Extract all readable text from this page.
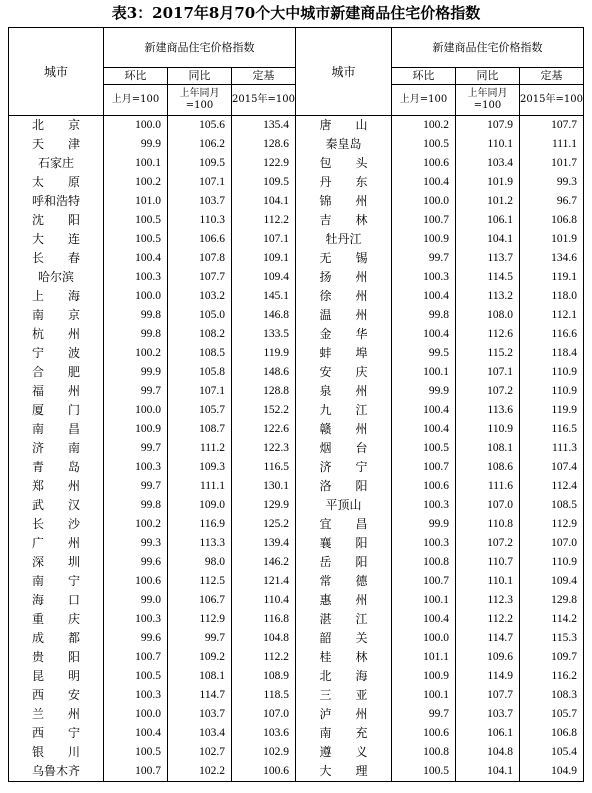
表3：2017年8月70个大中城市新建商品住宅价格指数
城市	新建商品住宅价格指数			城市	新建商品住宅价格指数		
	环比	同比	定基		环比	同比	定基
	上月=100	上年同月=100	2015年=100		上月=100	上年同月=100	2015年=100
北　　京	100.0	105.6	135.4	唐　　山	100.2	107.9	107.7
天　　津	99.9	106.2	128.6	秦皇岛	100.5	110.1	111.1
石家庄	100.1	109.5	122.9	包　　头	100.6	103.4	101.7
太　　原	100.2	107.1	109.5	丹　　东	100.4	101.9	99.3
呼和浩特	101.0	103.7	104.1	锦　　州	100.0	101.2	96.7
沈　　阳	100.5	110.3	112.2	吉　　林	100.7	106.1	106.8
大　　连	100.5	106.6	107.1	牡丹江	100.9	104.1	101.9
长　　春	100.4	107.8	109.1	无　　锡	99.7	113.7	134.6
哈尔滨	100.3	107.7	109.4	扬　　州	100.3	114.5	119.1
上　　海	100.0	103.2	145.1	徐　　州	100.4	113.2	118.0
南　　京	99.8	105.0	146.8	温　　州	99.8	108.0	112.1
杭　　州	99.8	108.2	133.5	金　　华	100.4	112.6	116.6
宁　　波	100.2	108.5	119.9	蚌　　埠	99.5	115.2	118.4
合　　肥	99.9	105.8	148.6	安　　庆	100.1	107.1	110.9
福　　州	99.7	107.1	128.8	泉　　州	99.9	107.2	110.9
厦　　门	100.0	105.7	152.2	九　　江	100.4	113.6	119.9
南　　昌	100.9	108.7	122.6	赣　　州	100.4	110.9	116.5
济　　南	99.7	111.2	122.3	烟　　台	100.5	108.1	111.3
青　　岛	100.3	109.3	116.5	济　　宁	100.7	108.6	107.4
郑　　州	99.7	111.1	130.1	洛　　阳	100.6	111.6	112.4
武　　汉	99.8	109.0	129.9	平顶山	100.3	107.0	108.5
长　　沙	100.2	116.9	125.2	宜　　昌	99.9	110.8	112.9
广　　州	99.3	113.3	139.4	襄　　阳	100.3	107.2	107.0
深　　圳	99.6	98.0	146.2	岳　　阳	100.8	110.7	110.9
南　　宁	100.6	112.5	121.4	常　　德	100.7	110.1	109.4
海　　口	99.0	106.7	110.4	惠　　州	100.1	112.3	129.8
重　　庆	100.3	112.9	116.8	湛　　江	100.4	112.2	114.2
成　　都	99.6	99.7	104.8	韶　　关	100.0	114.7	115.3
贵　　阳	100.7	109.2	112.2	桂　　林	101.1	109.6	109.7
昆　　明	100.5	108.1	108.9	北　　海	100.9	114.9	116.2
西　　安	100.3	114.7	118.5	三　　亚	100.1	107.7	108.3
兰　　州	100.0	103.7	107.0	泸　　州	99.7	103.7	105.7
西　　宁	100.4	103.4	103.6	南　　充	100.6	106.1	106.8
银　　川	100.5	102.7	102.9	遵　　义	100.8	104.8	105.4
乌鲁木齐	100.7	102.2	100.6	大　　理	100.5	104.1	104.9
